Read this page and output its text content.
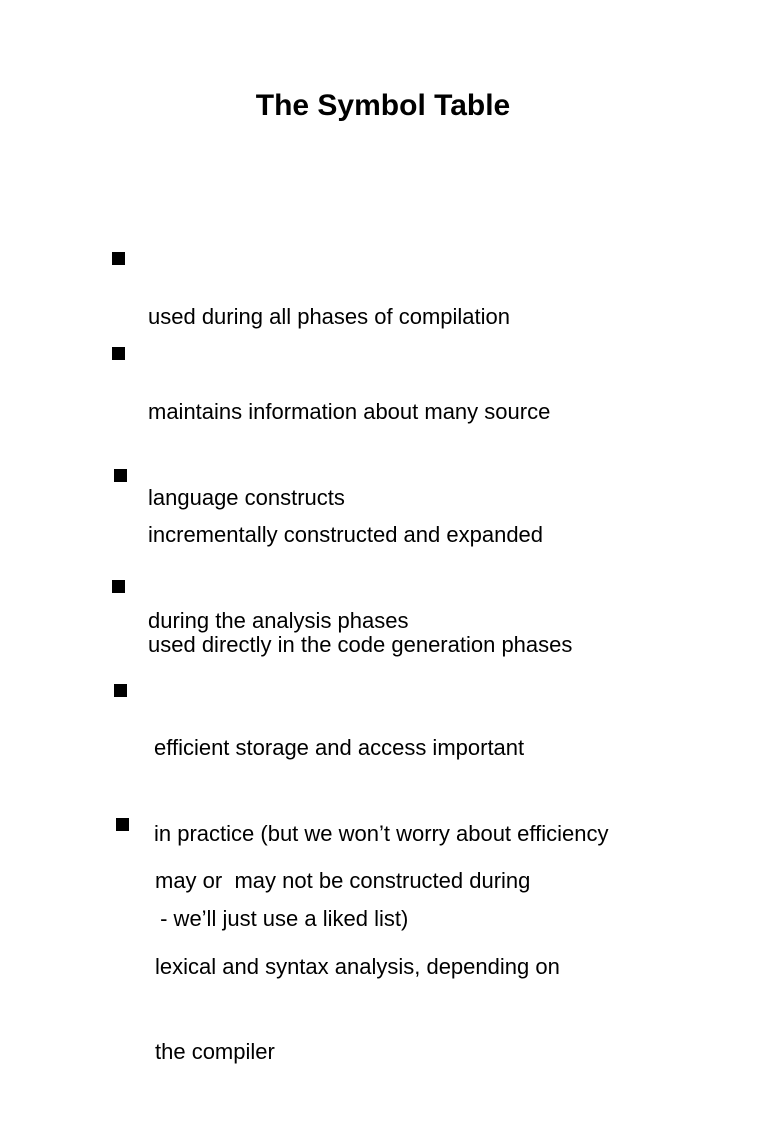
The Symbol Table

used during all phases of compilation

maintains information about many source

language constructs

incrementally constructed and expanded

during the analysis phases

used directly in the code generation phases

efficient storage and access important

in practice (but we won’t worry about efficiency

- we’ll just use a liked list)

may or  may not be constructed during

lexical and syntax analysis, depending on

the compiler
